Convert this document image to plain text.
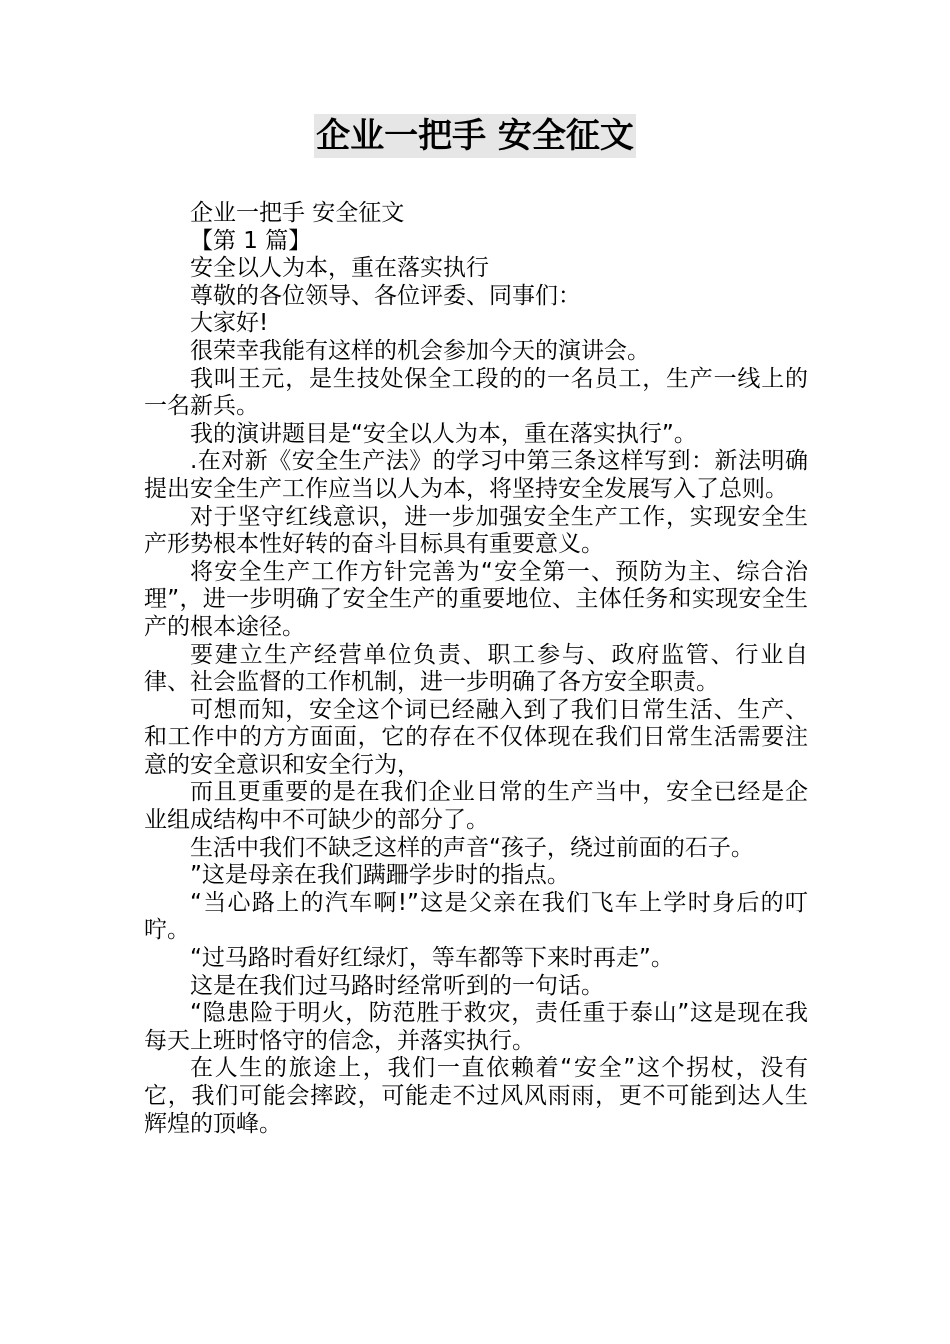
企业一把手 安全征文

企业一把手 安全征文

【第 1 篇】

安全以人为本，重在落实执行

尊敬的各位领导、各位评委、同事们：

大家好!

很荣幸我能有这样的机会参加今天的演讲会。

我叫王元，是生技处保全工段的的一名员工，生产一线上的一名新兵。

我的演讲题目是“安全以人为本，重在落实执行”。

.在对新《安全生产法》的学习中第三条这样写到：新法明确提出安全生产工作应当以人为本，将坚持安全发展写入了总则。

对于坚守红线意识，进一步加强安全生产工作，实现安全生产形势根本性好转的奋斗目标具有重要意义。

将安全生产工作方针完善为“安全第一、预防为主、综合治理”，进一步明确了安全生产的重要地位、主体任务和实现安全生产的根本途径。

要建立生产经营单位负责、职工参与、政府监管、行业自律、社会监督的工作机制，进一步明确了各方安全职责。

可想而知，安全这个词已经融入到了我们日常生活、生产、和工作中的方方面面，它的存在不仅体现在我们日常生活需要注意的安全意识和安全行为，

而且更重要的是在我们企业日常的生产当中，安全已经是企业组成结构中不可缺少的部分了。

生活中我们不缺乏这样的声音“孩子，绕过前面的石子。

”这是母亲在我们蹒跚学步时的指点。

“当心路上的汽车啊!”这是父亲在我们飞车上学时身后的叮咛。

“过马路时看好红绿灯，等车都等下来时再走”。

这是在我们过马路时经常听到的一句话。

“隐患险于明火，防范胜于救灾，责任重于泰山”这是现在我每天上班时恪守的信念，并落实执行。

在人生的旅途上，我们一直依赖着“安全”这个拐杖，没有它，我们可能会摔跤，可能走不过风风雨雨，更不可能到达人生辉煌的顶峰。
